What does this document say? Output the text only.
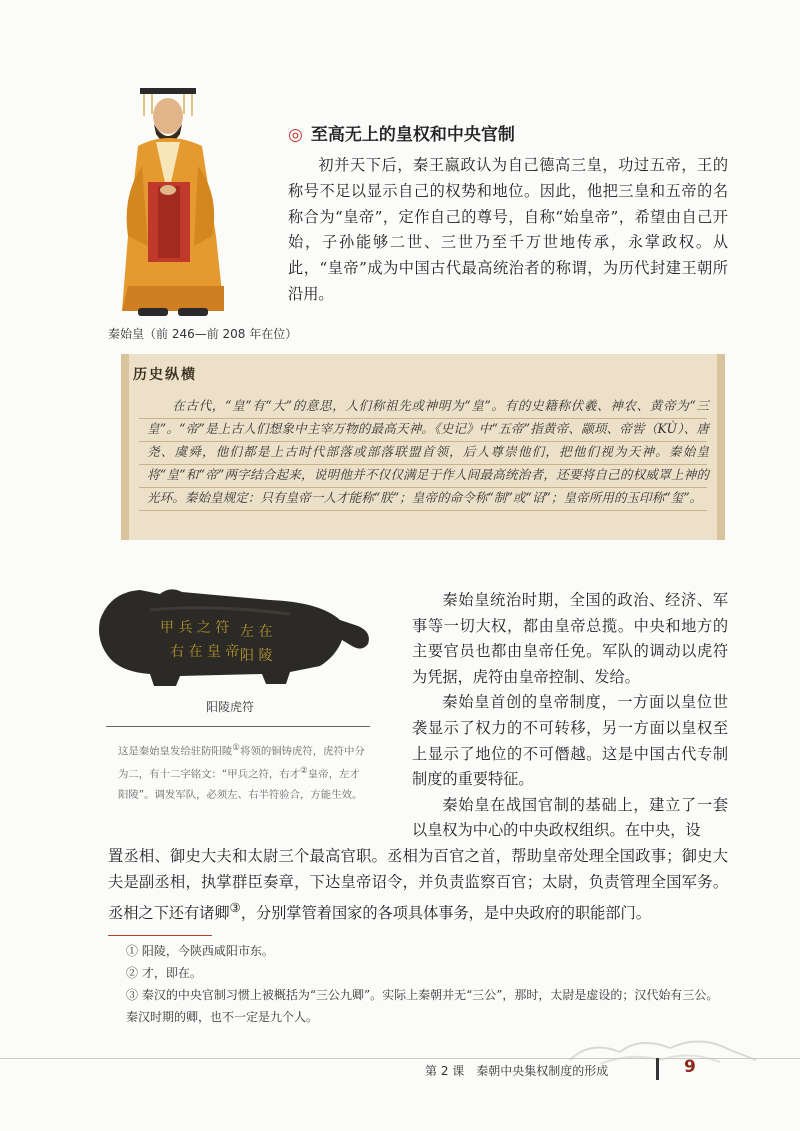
秦始皇（前 246—前 208 年在位）
◎ 至高无上的皇权和中央官制
初并天下后，秦王嬴政认为自己德高三皇，功过五帝，王的称号不足以显示自己的权势和地位。因此，他把三皇和五帝的名称合为“皇帝”，定作自己的尊号，自称“始皇帝”，希望由自己开始，子孙能够二世、三世乃至千万世地传承，永掌政权。从此，“皇帝”成为中国古代最高统治者的称谓，为历代封建王朝所沿用。
历史纵横
在古代，“皇”有“大”的意思，人们称祖先或神明为“皇”。有的史籍称伏羲、神农、黄帝为“三皇”。“帝”是上古人们想象中主宰万物的最高天神。《史记》中“五帝”指黄帝、颛顼、帝喾（KÙ）、唐尧、虞舜，他们都是上古时代部落或部落联盟首领，后人尊崇他们，把他们视为天神。秦始皇将“皇”和“帝”两字结合起来，说明他并不仅仅满足于作人间最高统治者，还要将自己的权威罩上神的光环。秦始皇规定：只有皇帝一人才能称“朕”；皇帝的命令称“制”或“诏”；皇帝所用的玉印称“玺”。
甲 兵 之 符
右 在 皇 帝
左 在
阳 陵
阳陵虎符
这是秦始皇发给驻防阳陵①将领的铜铸虎符，虎符中分为二，有十二字铭文：“甲兵之符，右才②皇帝，左才阳陵”。调发军队，必须左、右半符验合，方能生效。

秦始皇统治时期，全国的政治、经济、军事等一切大权，都由皇帝总揽。中央和地方的主要官员也都由皇帝任免。军队的调动以虎符为凭据，虎符由皇帝控制、发给。

秦始皇首创的皇帝制度，一方面以皇位世袭显示了权力的不可转移，另一方面以皇权至上显示了地位的不可僭越。这是中国古代专制制度的重要特征。

秦始皇在战国官制的基础上，建立了一套以皇权为中心的中央政权组织。在中央，设

置丞相、御史大夫和太尉三个最高官职。丞相为百官之首，帮助皇帝处理全国政事；御史大夫是副丞相，执掌群臣奏章，下达皇帝诏令，并负责监察百官；太尉，负责管理全国军务。丞相之下还有诸卿③，分别掌管着国家的各项具体事务，是中央政府的职能部门。

① 阳陵，今陕西咸阳市东。

② 才，即在。

③ 秦汉的中央官制习惯上被概括为“三公九卿”。实际上秦朝并无“三公”，那时，太尉是虚设的；汉代始有三公。秦汉时期的卿，也不一定是九个人。

第 2 课　秦朝中央集权制度的形成	9
